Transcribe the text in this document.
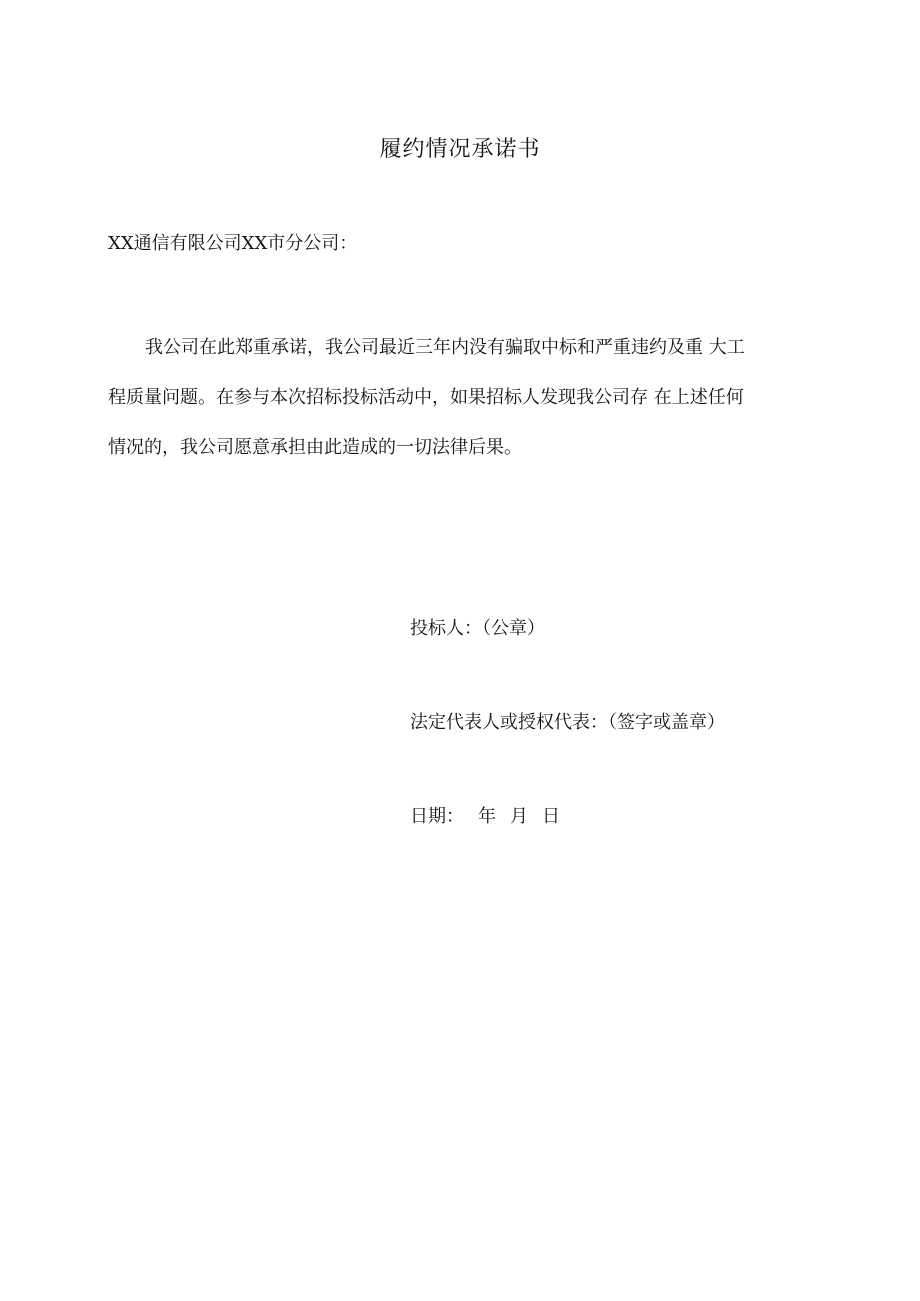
履约情况承诺书
XX通信有限公司XX市分公司：
我公司在此郑重承诺，我公司最近三年内没有骗取中标和严重违约及重 大工
程质量问题。在参与本次招标投标活动中，如果招标人发现我公司存 在上述任何
情况的，我公司愿意承担由此造成的一切法律后果。
投标人：（公章）
法定代表人或授权代表：（签字或盖章）
日期： 年 月 日
